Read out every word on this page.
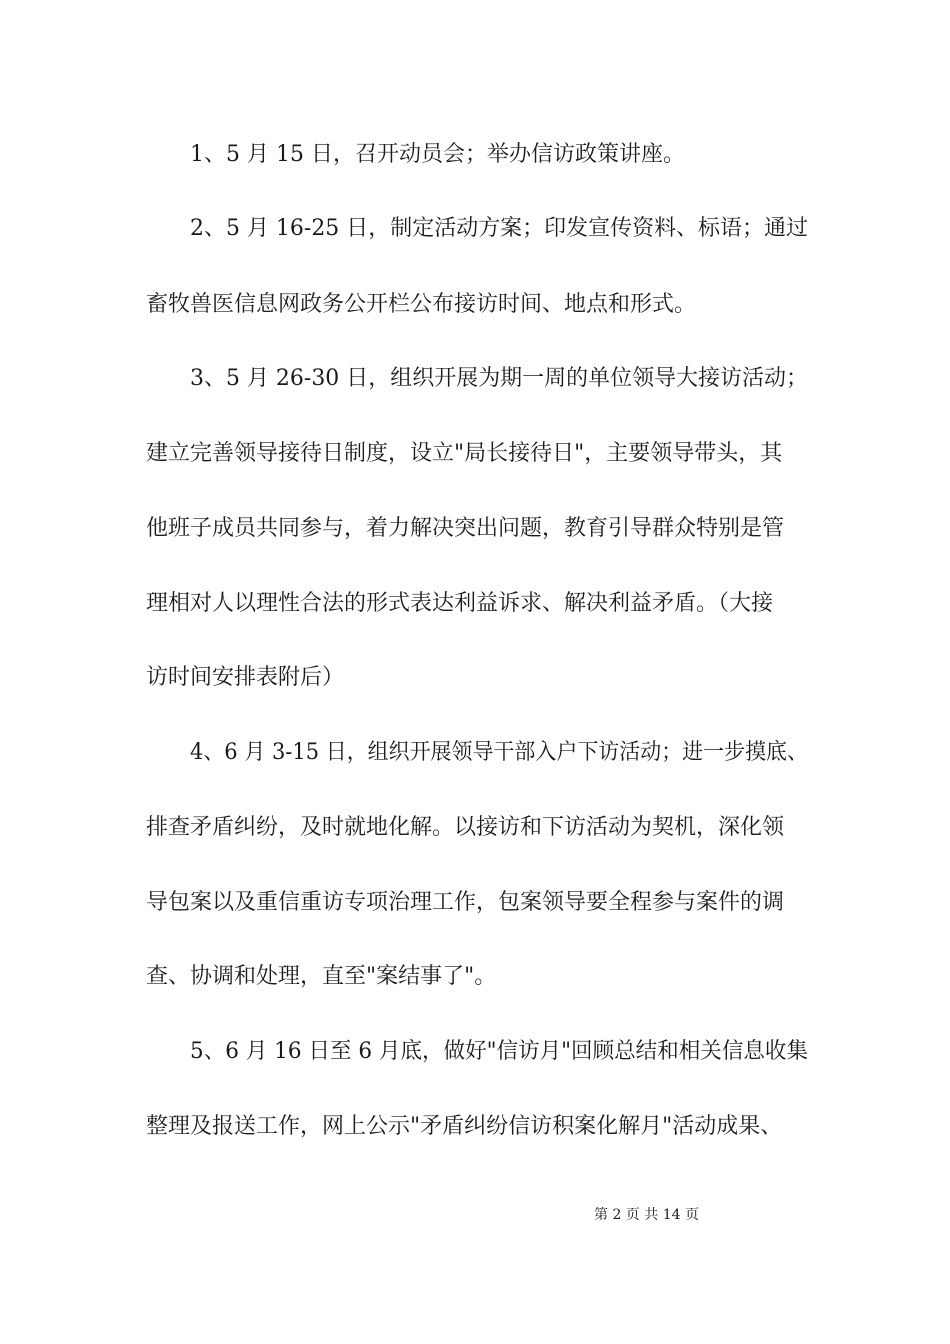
1、5 月 15 日，召开动员会；举办信访政策讲座。
2、5 月 16-25 日，制定活动方案；印发宣传资料、标语；通过
畜牧兽医信息网政务公开栏公布接访时间、地点和形式。
3、5 月 26-30 日，组织开展为期一周的单位领导大接访活动；
建立完善领导接待日制度，设立"局长接待日"，主要领导带头，其
他班子成员共同参与，着力解决突出问题，教育引导群众特别是管
理相对人以理性合法的形式表达利益诉求、解决利益矛盾。（大接
访时间安排表附后）
4、6 月 3-15 日，组织开展领导干部入户下访活动；进一步摸底、
排查矛盾纠纷，及时就地化解。以接访和下访活动为契机，深化领
导包案以及重信重访专项治理工作，包案领导要全程参与案件的调
查、协调和处理，直至"案结事了"。
5、6 月 16 日至 6 月底，做好"信访月"回顾总结和相关信息收集
整理及报送工作，网上公示"矛盾纠纷信访积案化解月"活动成果、
第 2 页 共 14 页
